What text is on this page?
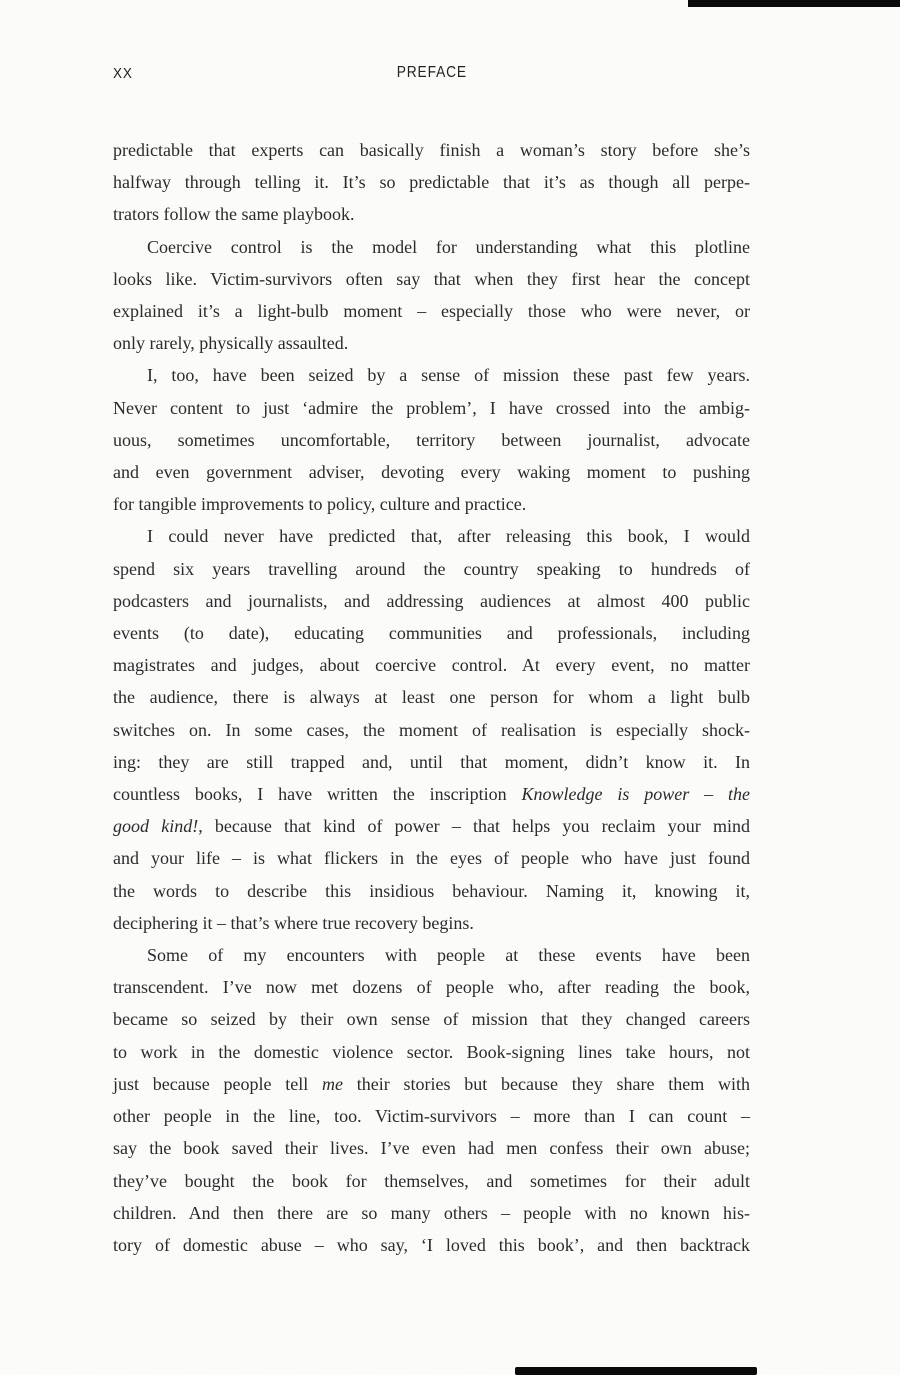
XX	PREFACE
predictable that experts can basically finish a woman’s story before she’s
halfway through telling it. It’s so predictable that it’s as though all perpe-
trators follow the same playbook.
Coercive control is the model for understanding what this plotline
looks like. Victim-survivors often say that when they first hear the concept
explained it’s a light-bulb moment – especially those who were never, or
only rarely, physically assaulted.
I, too, have been seized by a sense of mission these past few years.
Never content to just ‘admire the problem’, I have crossed into the ambig-
uous, sometimes uncomfortable, territory between journalist, advocate
and even government adviser, devoting every waking moment to pushing
for tangible improvements to policy, culture and practice.
I could never have predicted that, after releasing this book, I would
spend six years travelling around the country speaking to hundreds of
podcasters and journalists, and addressing audiences at almost 400 public
events (to date), educating communities and professionals, including
magistrates and judges, about coercive control. At every event, no matter
the audience, there is always at least one person for whom a light bulb
switches on. In some cases, the moment of realisation is especially shock-
ing: they are still trapped and, until that moment, didn’t know it. In
countless books, I have written the inscription Knowledge is power – the
good kind!, because that kind of power – that helps you reclaim your mind
and your life – is what flickers in the eyes of people who have just found
the words to describe this insidious behaviour. Naming it, knowing it,
deciphering it – that’s where true recovery begins.
Some of my encounters with people at these events have been
transcendent. I’ve now met dozens of people who, after reading the book,
became so seized by their own sense of mission that they changed careers
to work in the domestic violence sector. Book-signing lines take hours, not
just because people tell me their stories but because they share them with
other people in the line, too. Victim-survivors – more than I can count –
say the book saved their lives. I’ve even had men confess their own abuse;
they’ve bought the book for themselves, and sometimes for their adult
children. And then there are so many others – people with no known his-
tory of domestic abuse – who say, ‘I loved this book’, and then backtrack
